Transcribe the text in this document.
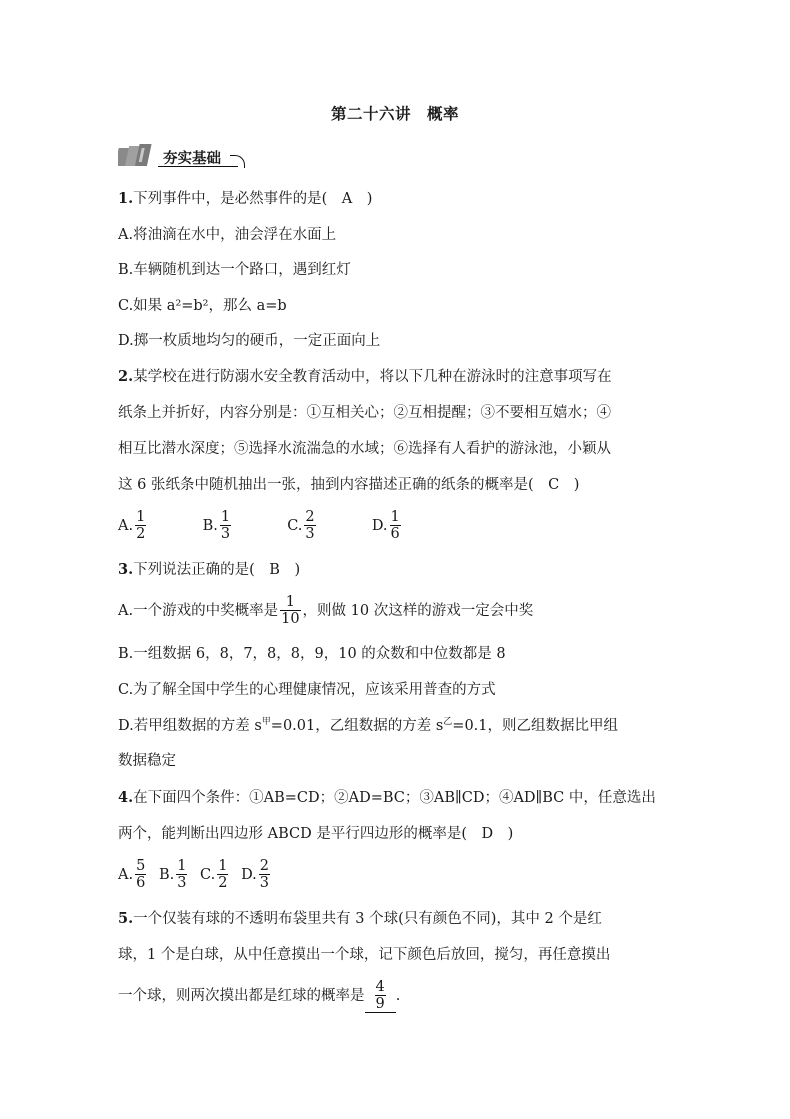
第二十六讲　概率
夯实基础
1.下列事件中，是必然事件的是(　A　)
A.将油滴在水中，油会浮在水面上
B.车辆随机到达一个路口，遇到红灯
C.如果 a²=b²，那么 a=b
D.掷一枚质地均匀的硬币，一定正面向上
2.某学校在进行防溺水安全教育活动中，将以下几种在游泳时的注意事项写在
纸条上并折好，内容分别是：①互相关心；②互相提醒；③不要相互嬉水；④
相互比潜水深度；⑤选择水流湍急的水域；⑥选择有人看护的游泳池，小颖从
这 6 张纸条中随机抽出一张，抽到内容描述正确的纸条的概率是(　C　)
A. $\frac{1}{2}$	B. $\frac{1}{3}$	C. $\frac{2}{3}$	D. $\frac{1}{6}$
3.下列说法正确的是(　B　)
A.一个游戏的中奖概率是 $\frac{1}{10}$ ，则做 10 次这样的游戏一定会中奖
B.一组数据 6，8，7，8，8，9，10 的众数和中位数都是 8
C.为了解全国中学生的心理健康情况，应该采用普查的方式
D.若甲组数据的方差 $s^甲=0.01$，乙组数据的方差 $s^乙=0.1$，则乙组数据比甲组
数据稳定
4.在下面四个条件：①AB=CD；②AD=BC；③AB∥CD；④AD∥BC 中，任意选出
两个，能判断出四边形 ABCD 是平行四边形的概率是(　D　)
A. $\frac{5}{6} B$. $\frac{1}{3} C$. $\frac{1}{2} D$. $\frac{2}{3}$
5.一个仅装有球的不透明布袋里共有 3 个球(只有颜色不同)，其中 2 个是红
球，1 个是白球，从中任意摸出一个球，记下颜色后放回，搅匀，再任意摸出
一个球，则两次摸出都是红球的概率是 $\frac{4}{9}$ .
